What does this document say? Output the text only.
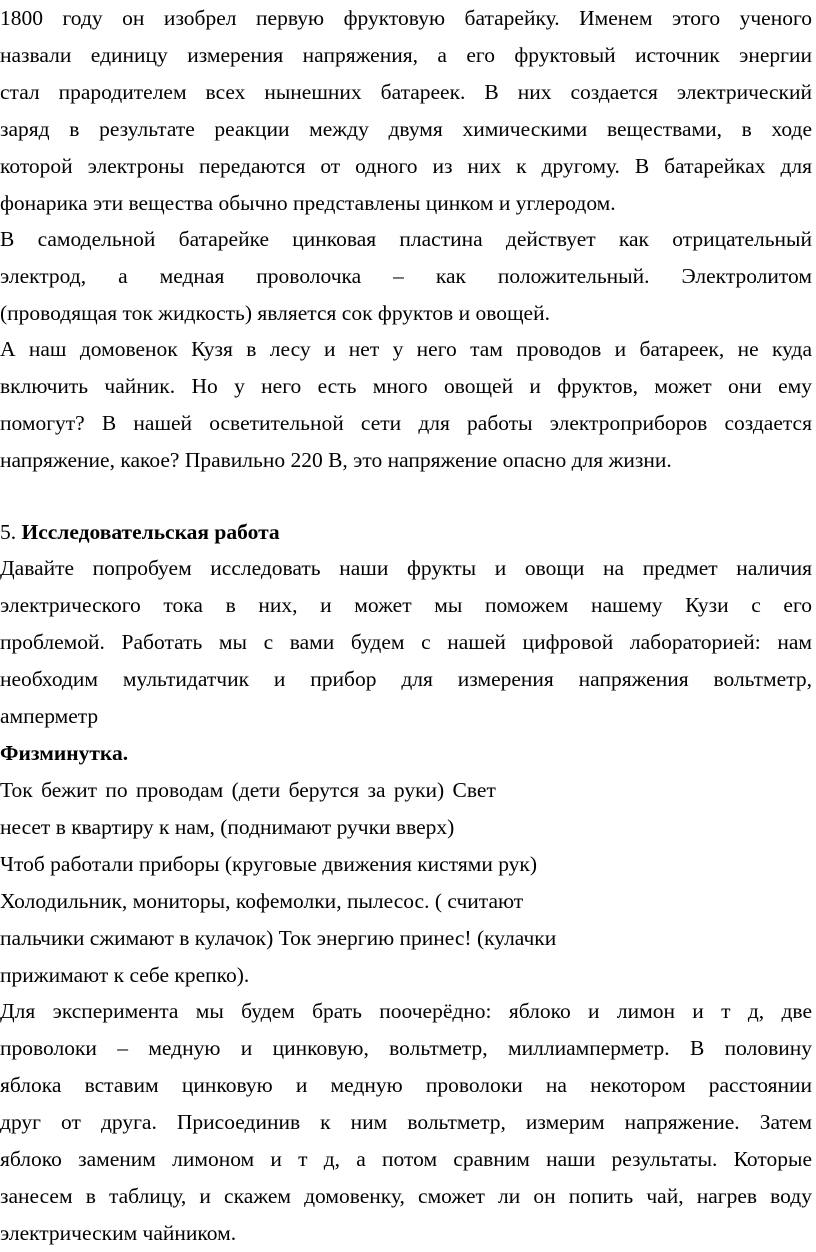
1800 году он изобрел первую фруктовую батарейку. Именем этого ученого
назвали единицу измерения напряжения, а его фруктовый источник энергии
стал прародителем всех нынешних батареек. В них создается электрический
заряд в результате реакции между двумя химическими веществами, в ходе
которой электроны передаются от одного из них к другому. В батарейках для
фонарика эти вещества обычно представлены цинком и углеродом.
В самодельной батарейке цинковая пластина действует как отрицательный
электрод, а медная проволочка – как положительный. Электролитом
(проводящая ток жидкость) является сок фруктов и овощей.
А наш домовенок Кузя в лесу и нет у него там проводов и батареек, не куда
включить чайник. Но у него есть много овощей и фруктов, может они ему
помогут? В нашей осветительной сети для работы электроприборов создается
напряжение, какое? Правильно 220 В, это напряжение опасно для жизни.
5. Исследовательская работа
Давайте попробуем исследовать наши фрукты и овощи на предмет наличия
электрического тока в них, и может мы поможем нашему Кузи с его
проблемой. Работать мы с вами будем с нашей цифровой лабораторией: нам
необходим мультидатчик и прибор для измерения напряжения вольтметр,
амперметр
Физминутка.
Ток бежит по проводам (дети берутся за руки) Свет
несет в квартиру к нам, (поднимают ручки вверх)
Чтоб работали приборы (круговые движения кистями рук)
Холодильник, мониторы, кофемолки, пылесос. ( считают
пальчики сжимают в кулачок) Ток энергию принес! (кулачки
прижимают к себе крепко).
Для эксперимента мы будем брать поочерёдно: яблоко и лимон и т д, две
проволоки – медную и цинковую, вольтметр, миллиамперметр. В половину
яблока вставим цинковую и медную проволоки на некотором расстоянии
друг от друга. Присоединив к ним вольтметр, измерим напряжение. Затем
яблоко заменим лимоном и т д, а потом сравним наши результаты. Которые
занесем в таблицу, и скажем домовенку, сможет ли он попить чай, нагрев воду
электрическим чайником.
